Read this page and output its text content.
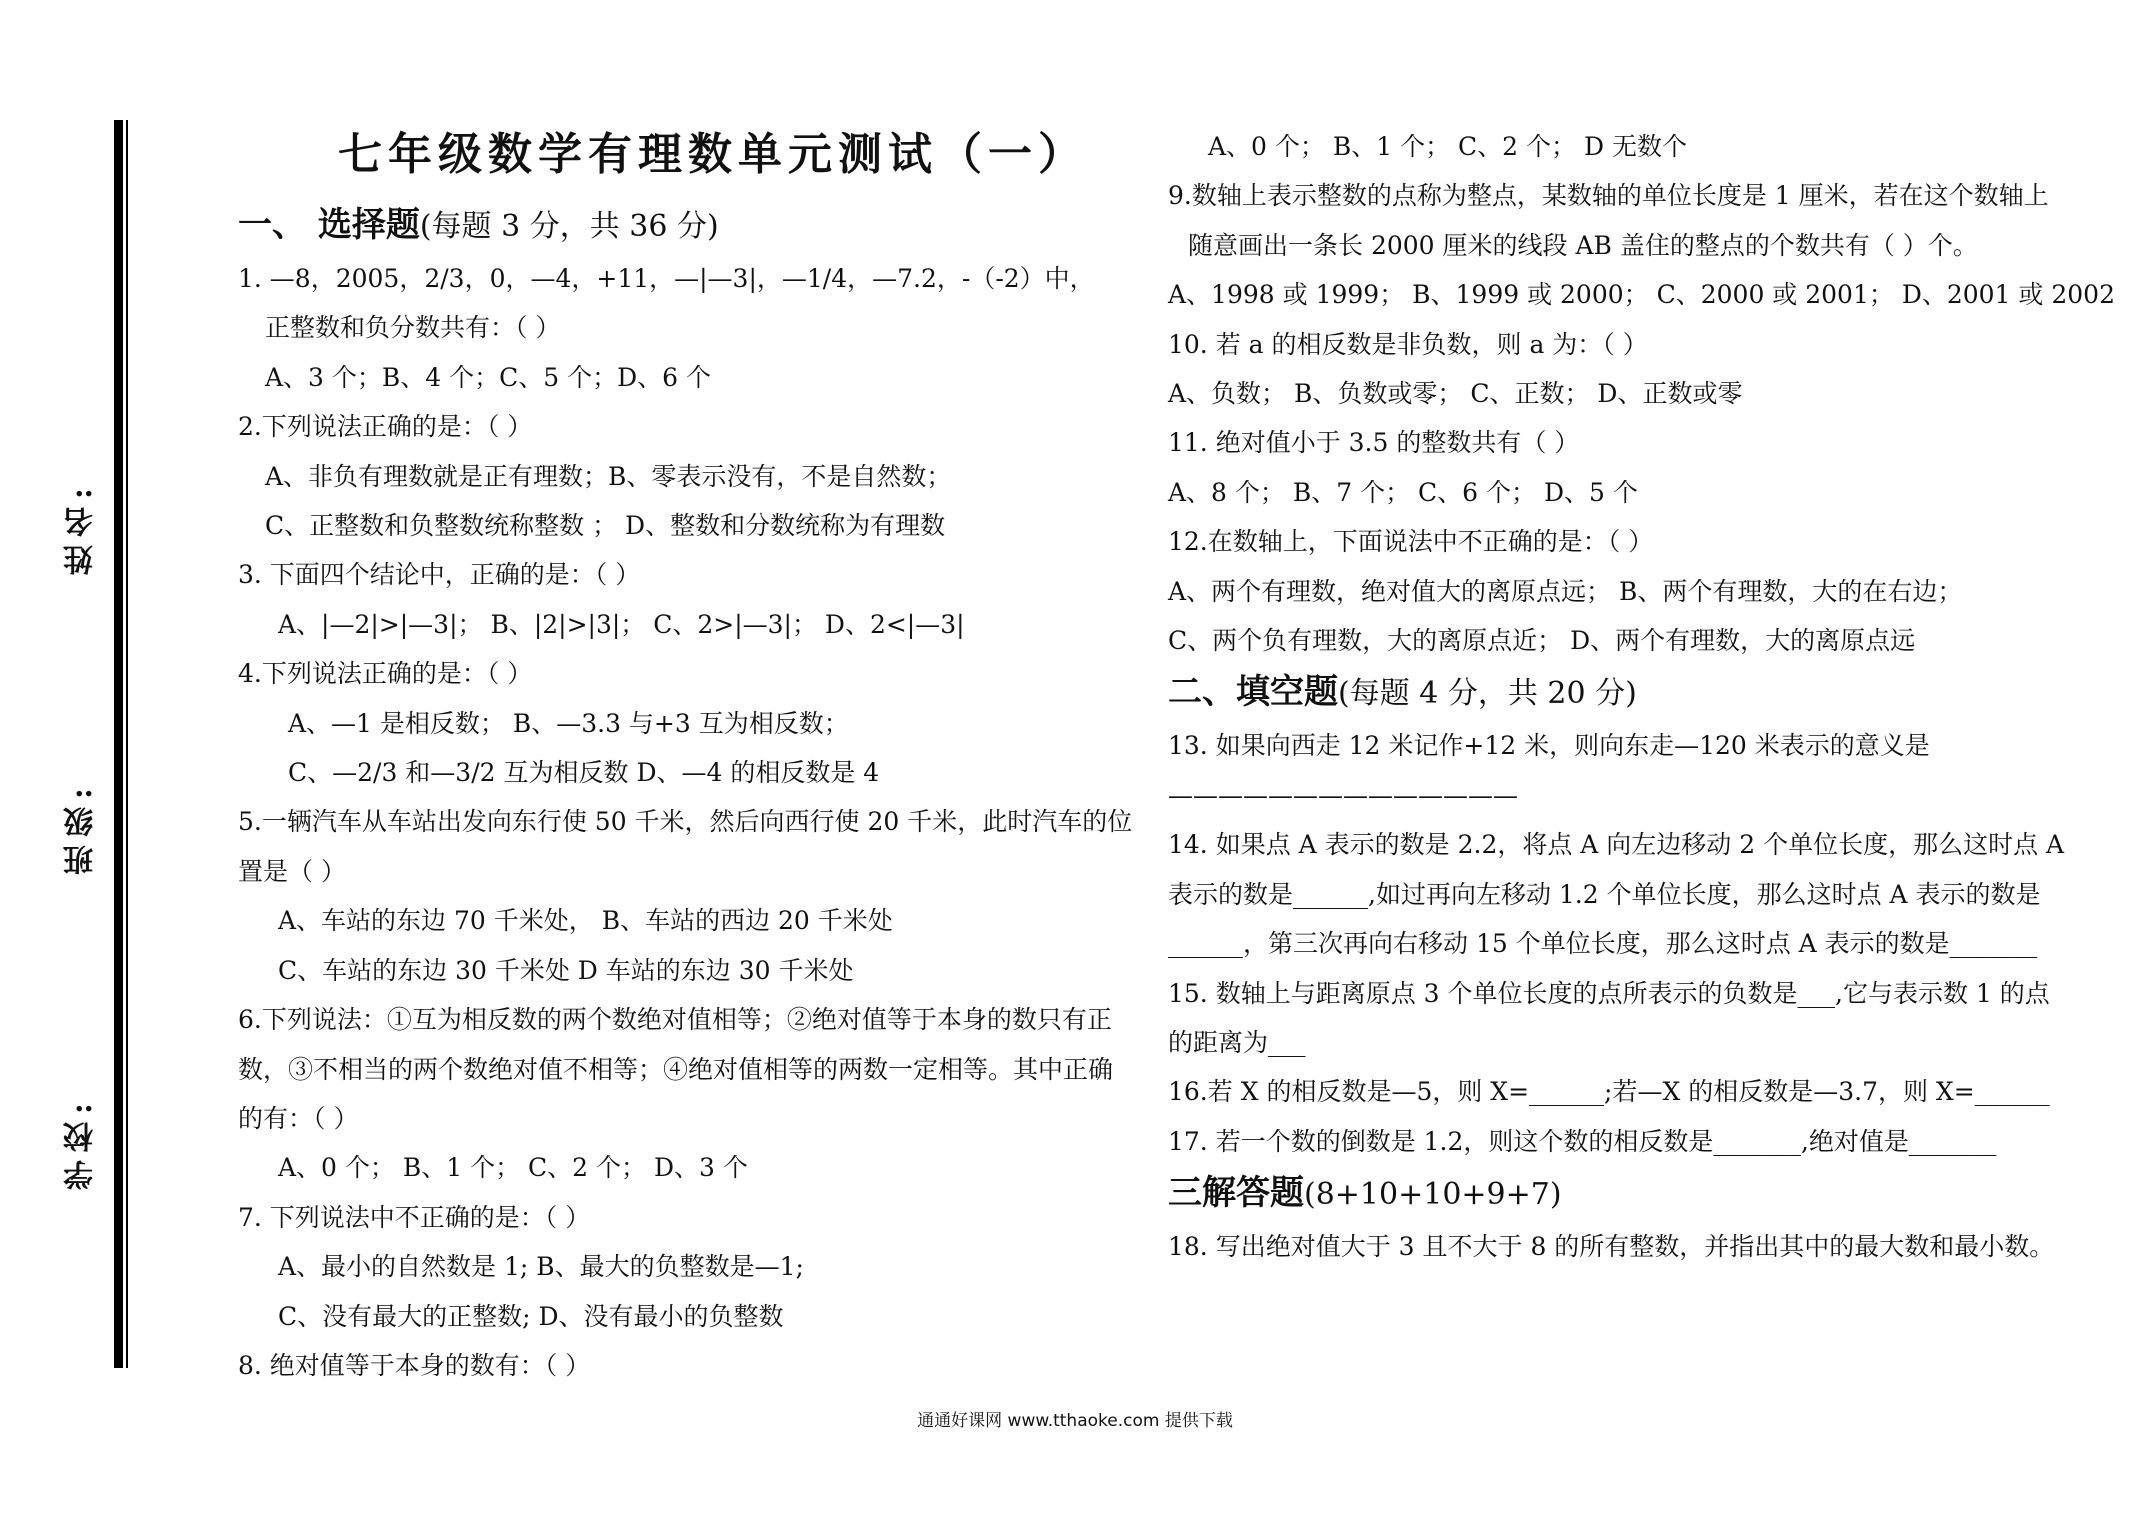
姓名:
班级:
学校:
七年级数学有理数单元测试（一）
一、 选择题(每题 3 分，共 36 分)
1. —8，2005，2/3，0，—4，+11，—|—3|，—1/4，—7.2，-（-2）中，
正整数和负分数共有：（ ）
A、3 个；B、4 个；C、5 个；D、6 个
2.下列说法正确的是：（ ）
A、非负有理数就是正有理数；B、零表示没有，不是自然数；
C、正整数和负整数统称整数 ； D、整数和分数统称为有理数
3. 下面四个结论中，正确的是：（ ）
A、|—2|>|—3|； B、|2|>|3|； C、2>|—3|； D、2<|—3|
4.下列说法正确的是：（ ）
A、—1 是相反数； B、—3.3 与+3 互为相反数；
C、—2/3 和—3/2 互为相反数 D、—4 的相反数是 4
5.一辆汽车从车站出发向东行使 50 千米，然后向西行使 20 千米，此时汽车的位
置是（ ）
A、车站的东边 70 千米处， B、车站的西边 20 千米处
C、车站的东边 30 千米处 D 车站的东边 30 千米处
6.下列说法：①互为相反数的两个数绝对值相等；②绝对值等于本身的数只有正
数，③不相当的两个数绝对值不相等；④绝对值相等的两数一定相等。其中正确
的有：（ ）
A、0 个； B、1 个； C、2 个； D、3 个
7. 下列说法中不正确的是：（ ）
A、最小的自然数是 1; B、最大的负整数是—1;
C、没有最大的正整数; D、没有最小的负整数
8. 绝对值等于本身的数有：（ ）
A、0 个； B、1 个； C、2 个； D 无数个
9.数轴上表示整数的点称为整点，某数轴的单位长度是 1 厘米，若在这个数轴上
随意画出一条长 2000 厘米的线段 AB 盖住的整点的个数共有（ ）个。
A、1998 或 1999； B、1999 或 2000； C、2000 或 2001； D、2001 或 2002
10. 若 a 的相反数是非负数，则 a 为：（ ）
A、负数； B、负数或零； C、正数； D、正数或零
11. 绝对值小于 3.5 的整数共有（ ）
A、8 个； B、7 个； C、6 个； D、5 个
12.在数轴上，下面说法中不正确的是：（ ）
A、两个有理数，绝对值大的离原点远； B、两个有理数，大的在右边；
C、两个负有理数，大的离原点近； D、两个有理数，大的离原点远
二、填空题(每题 4 分，共 20 分)
13. 如果向西走 12 米记作+12 米，则向东走—120 米表示的意义是
——————————————
14. 如果点 A 表示的数是 2.2，将点 A 向左边移动 2 个单位长度，那么这时点 A
表示的数是______,如过再向左移动 1.2 个单位长度，那么这时点 A 表示的数是
______，第三次再向右移动 15 个单位长度，那么这时点 A 表示的数是_______
15. 数轴上与距离原点 3 个单位长度的点所表示的负数是___,它与表示数 1 的点
的距离为___
16.若 X 的相反数是—5，则 X=______;若—X 的相反数是—3.7，则 X=______
17. 若一个数的倒数是 1.2，则这个数的相反数是_______,绝对值是_______
三解答题(8+10+10+9+7)
18. 写出绝对值大于 3 且不大于 8 的所有整数，并指出其中的最大数和最小数。
通通好课网 www.tthaoke.com 提供下载
